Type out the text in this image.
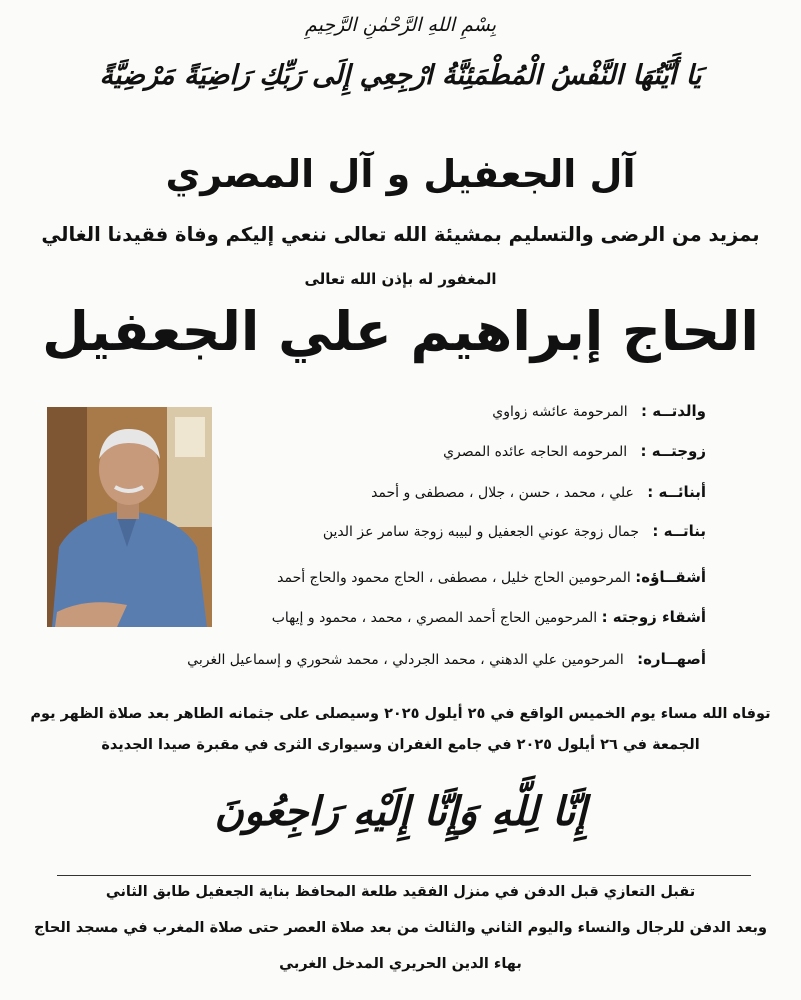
بِسْمِ اللهِ الرَّحْمٰنِ الرَّحِيمِ
يَا أَيَّتُهَا النَّفْسُ الْمُطْمَئِنَّةُ ارْجِعِي إِلَى رَبِّكِ رَاضِيَةً مَرْضِيَّةً
آل الجعفيل و آل المصري
بمزيد من الرضى والتسليم بمشيئة الله تعالى ننعي إليكم وفاة فقيدنا الغالي
المغفور له بإذن الله تعالى
الحاج إبراهيم علي الجعفيل
والدتــه :   المرحومة عائشه زواوي
زوجتــه :   المرحومه الحاجه عائده المصري
أبنائــه :   علي ، محمد ، حسن ، جلال ، مصطفى و أحمد
بناتــه :   جمال زوجة عوني الجعفيل و لبيبه زوجة سامر عز الدين
أشقــاؤه: المرحومين الحاج خليل ، مصطفى ، الحاج محمود والحاج أحمد
أشقاء زوجته : المرحومين الحاج أحمد المصري ، محمد ، محمود و إيهاب
أصهــاره:   المرحومين علي الدهني ، محمد الجردلي ، محمد شحوري و إسماعيل الغربي
توفاه الله مساء يوم الخميس الواقع في ٢٥ أيلول ٢٠٢٥ وسيصلى على جثمانه الطاهر بعد صلاة الظهر يوم
الجمعة في ٢٦ أيلول ٢٠٢٥ في جامع الغفران وسيوارى الثرى في مقبرة صيدا الجديدة
إِنَّا لِلَّهِ وَإِنَّا إِلَيْهِ رَاجِعُونَ
تقبل التعازي قبل الدفن في منزل الفقيد طلعة المحافظ بناية الجعفيل طابق الثاني
وبعد الدفن للرجال والنساء واليوم الثاني والثالث من بعد صلاة العصر حتى صلاة المغرب في مسجد الحاج
بهاء الدين الحريري المدخل الغربي
